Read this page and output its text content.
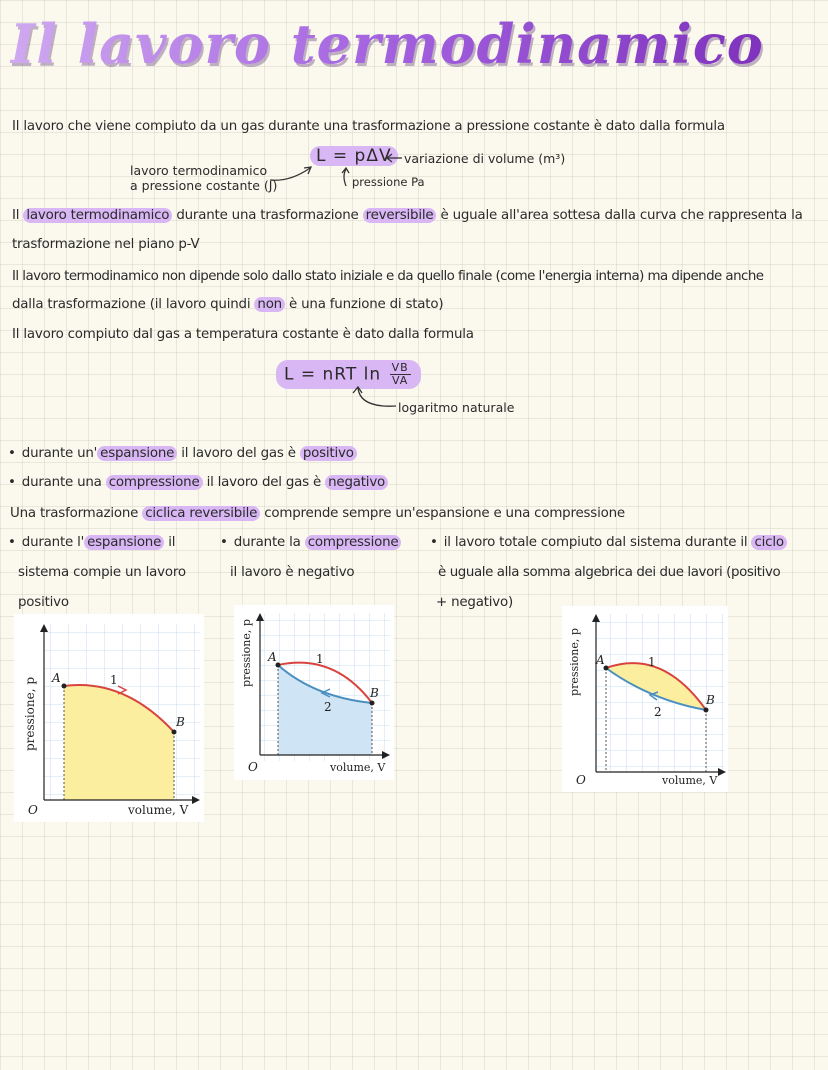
Il lavoro termodinamico
Il lavoro che viene compiuto da un gas durante una trasformazione a pressione costante è dato dalla formula
lavoro termodinamico
a pressione costante (J)
L = pΔV variazione di volume (m³)
pressione Pa
Il lavoro termodinamico durante una trasformazione reversibile è uguale all'area sottesa dalla curva che rappresenta la
trasformazione nel piano p-V
Il lavoro termodinamico non dipende solo dallo stato iniziale e da quello finale (come l'energia interna) ma dipende anche
dalla trasformazione (il lavoro quindi non è una funzione di stato)
Il lavoro compiuto dal gas a temperatura costante è dato dalla formula
L = nRT $\ln \frac{VB}{VA}$
logaritmo naturale
• durante un' espansione il lavoro del gas è positivo
• durante una compressione il lavoro del gas è negativo
Una trasformazione ciclica reversibile comprende sempre un'espansione e una compressione
• durante l' espansione il
sistema compie un lavoro
positivo
• durante la compressione
il lavoro è negativo
• il lavoro totale compiuto dal sistema durante il ciclo
è uguale alla somma algebrica dei due lavori (positivo
+ negativo)
A
B
1
O	volume, V
pressione, p
A
B
1
2
O	volume, V
pressione, p	A
B
1
2
O	volume, V
pressione, p
